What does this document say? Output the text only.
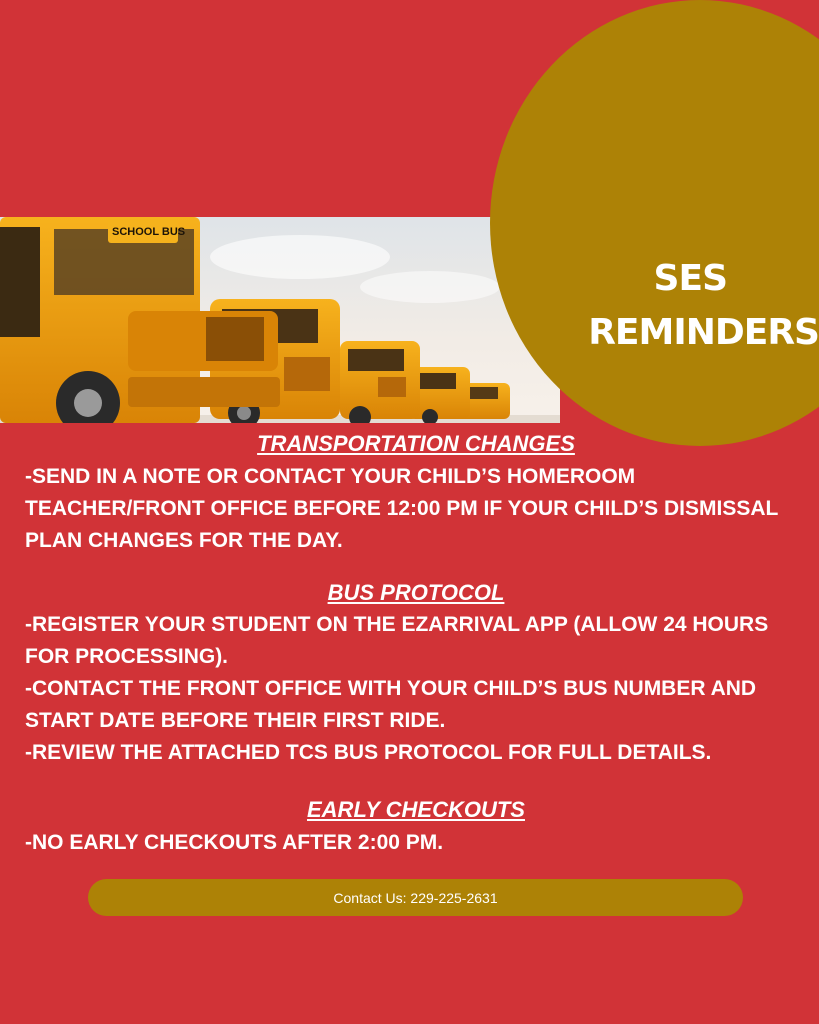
SCHOOL BUS
SES
REMINDERS
TRANSPORTATION CHANGES

-SEND IN A NOTE OR CONTACT YOUR CHILD’S HOMEROOM TEACHER/FRONT OFFICE BEFORE 12:00 PM IF YOUR CHILD’S DISMISSAL PLAN CHANGES FOR THE DAY.

BUS PROTOCOL

-REGISTER YOUR STUDENT ON THE EZARRIVAL APP (ALLOW 24 HOURS FOR PROCESSING).

-CONTACT THE FRONT OFFICE WITH YOUR CHILD’S BUS NUMBER AND START DATE BEFORE THEIR FIRST RIDE.

-REVIEW THE ATTACHED TCS BUS PROTOCOL FOR FULL DETAILS.

EARLY CHECKOUTS

-NO EARLY CHECKOUTS AFTER 2:00 PM.

Contact Us: 229-225-2631
